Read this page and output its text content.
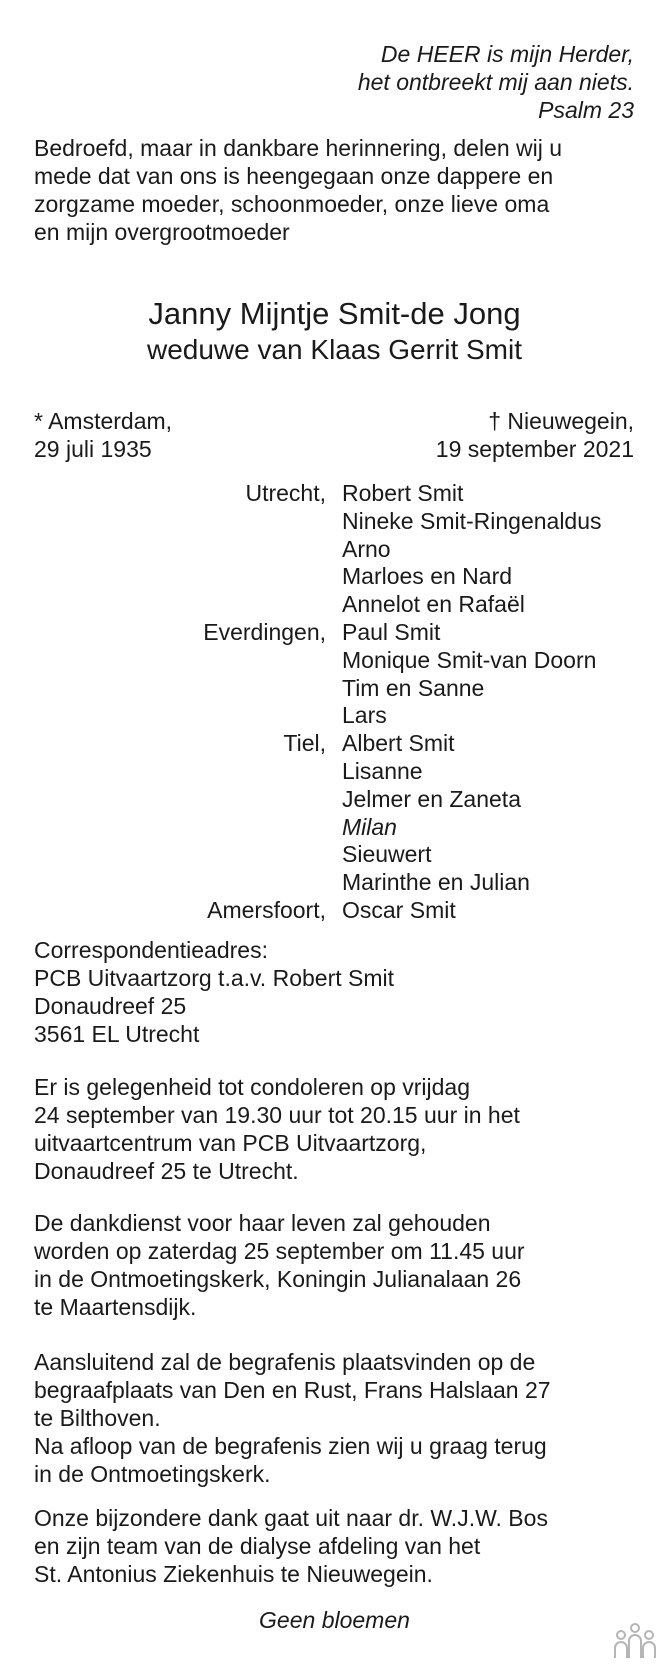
De HEER is mijn Herder,
het ontbreekt mij aan niets.
Psalm 23
Bedroefd, maar in dankbare herinnering, delen wij u
mede dat van ons is heengegaan onze dappere en
zorgzame moeder, schoonmoeder, onze lieve oma
en mijn overgrootmoeder
Janny Mijntje Smit-de Jong
weduwe van Klaas Gerrit Smit
* Amsterdam,
29 juli 1935
† Nieuwegein,
19 september 2021
Utrecht, Robert Smit
Nineke Smit-Ringenaldus
Arno
Marloes en Nard
Annelot en Rafaël
Everdingen, Paul Smit
Monique Smit-van Doorn
Tim en Sanne
Lars
Tiel, Albert Smit
Lisanne
Jelmer en Zaneta
Milan
Sieuwert
Marinthe en Julian
Amersfoort, Oscar Smit
Correspondentieadres:
PCB Uitvaartzorg t.a.v. Robert Smit
Donaudreef 25
3561 EL Utrecht
Er is gelegenheid tot condoleren op vrijdag
24 september van 19.30 uur tot 20.15 uur in het
uitvaartcentrum van PCB Uitvaartzorg,
Donaudreef 25 te Utrecht.
De dankdienst voor haar leven zal gehouden
worden op zaterdag 25 september om 11.45 uur
in de Ontmoetingskerk, Koningin Julianalaan 26
te Maartensdijk.
Aansluitend zal de begrafenis plaatsvinden op de
begraafplaats van Den en Rust, Frans Halslaan 27
te Bilthoven.
Na afloop van de begrafenis zien wij u graag terug
in de Ontmoetingskerk.
Onze bijzondere dank gaat uit naar dr. W.J.W. Bos
en zijn team van de dialyse afdeling van het
St. Antonius Ziekenhuis te Nieuwegein.
Geen bloemen
